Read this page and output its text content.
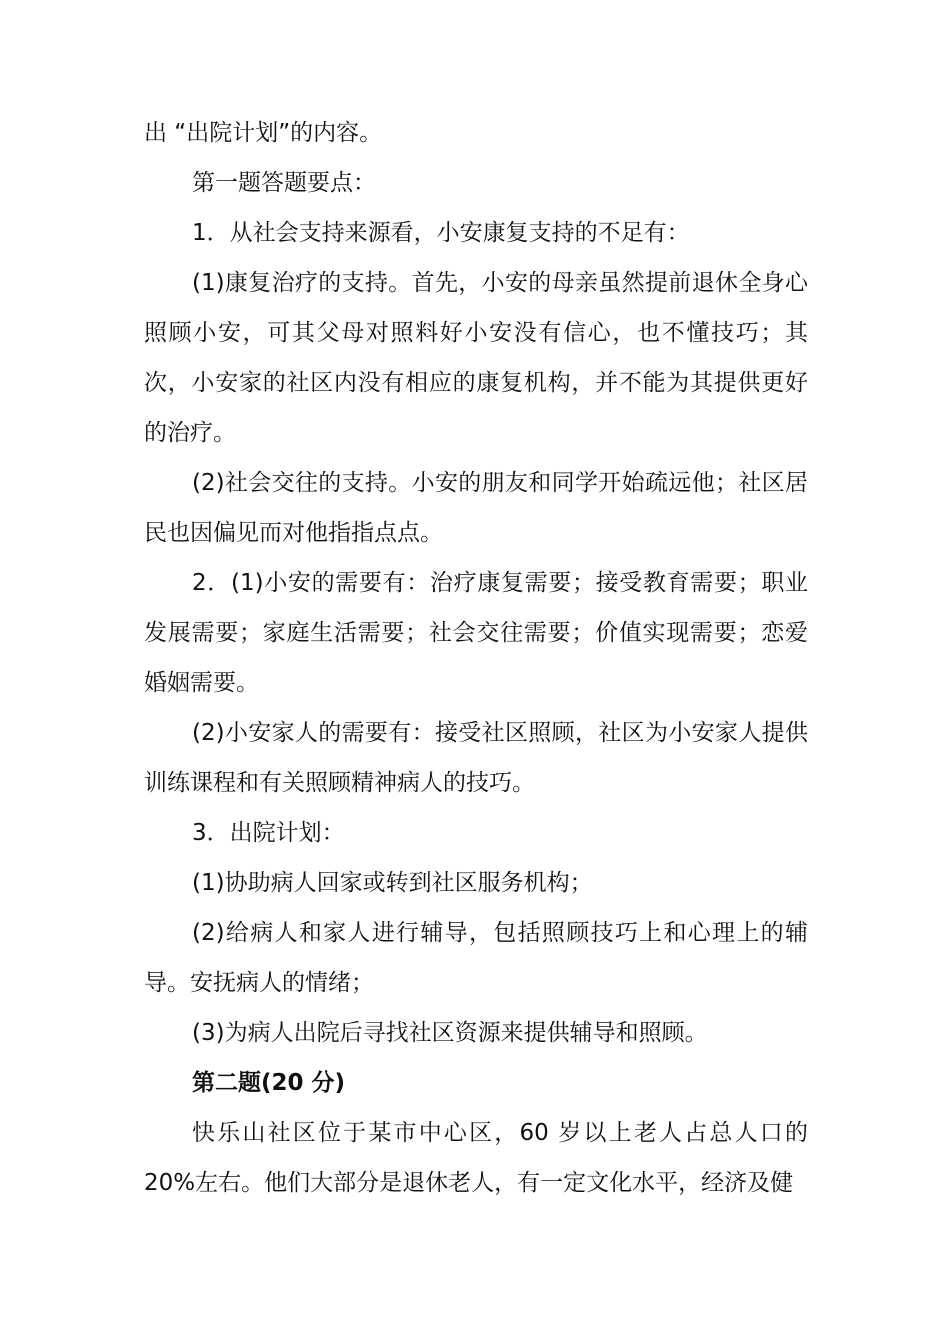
出 “出院计划”的内容。

第一题答题要点：

1．从社会支持来源看，小安康复支持的不足有：

(1)康复治疗的支持。首先，小安的母亲虽然提前退休全身心照顾小安，可其父母对照料好小安没有信心，也不懂技巧；其次，小安家的社区内没有相应的康复机构，并不能为其提供更好的治疗。

(2)社会交往的支持。小安的朋友和同学开始疏远他；社区居民也因偏见而对他指指点点。

2．(1)小安的需要有：治疗康复需要；接受教育需要；职业发展需要；家庭生活需要；社会交往需要；价值实现需要；恋爱婚姻需要。

(2)小安家人的需要有：接受社区照顾，社区为小安家人提供训练课程和有关照顾精神病人的技巧。

3．出院计划：

(1)协助病人回家或转到社区服务机构；

(2)给病人和家人进行辅导，包括照顾技巧上和心理上的辅导。安抚病人的情绪；

(3)为病人出院后寻找社区资源来提供辅导和照顾。

第二题(20 分)

快乐山社区位于某市中心区，60 岁以上老人占总人口的 20%左右。他们大部分是退休老人，有一定文化水平，经济及健
